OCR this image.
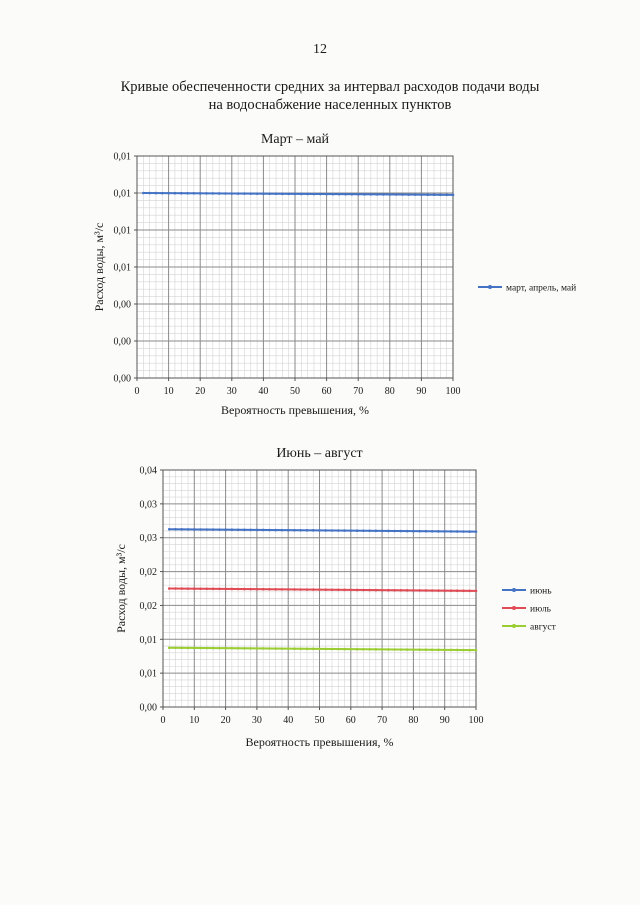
12
Кривые обеспеченности средних за интервал расходов подачи воды
на водоснабжение населенных пунктов
Март – май
0 10 20 30 40 50 60 70 80 90 100
0,00
0,00
0,00
0,01
0,01
0,01
0,01
Вероятность превышения, %
Расход воды, м³/с	март, апрель, май
Июнь – август
0 10 20 30 40 50 60 70 80 90 100
0,00
0,01
0,01
0,02
0,02
0,03
0,03
0,04
Вероятность превышения, %
Расход воды, м³/с	июнь
июль
август
